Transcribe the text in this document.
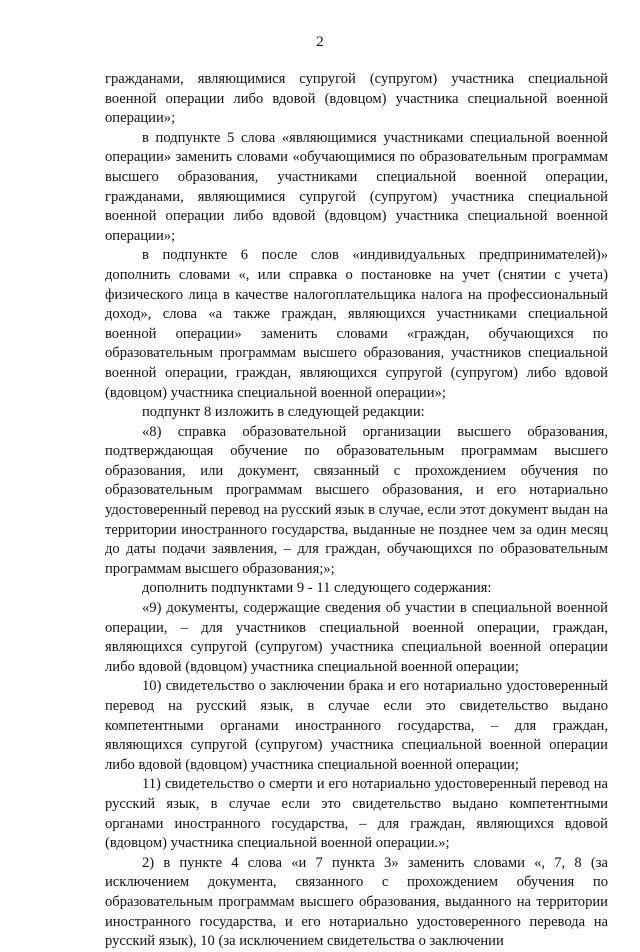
2

гражданами, являющимися супругой (супругом) участника специальной военной операции либо вдовой (вдовцом) участника специальной военной операции»;

в подпункте 5 слова «являющимися участниками специальной военной операции» заменить словами «обучающимися по образовательным программам высшего образования, участниками специальной военной операции, гражданами, являющимися супругой (супругом) участника специальной военной операции либо вдовой (вдовцом) участника специальной военной операции»;

в подпункте 6 после слов «индивидуальных предпринимателей)» дополнить словами «, или справка о постановке на учет (снятии с учета) физического лица в качестве налогоплательщика налога на профессиональный доход», слова «а также граждан, являющихся участниками специальной военной операции» заменить словами «граждан, обучающихся по образовательным программам высшего образования, участников специальной военной операции, граждан, являющихся супругой (супругом) либо вдовой (вдовцом) участника специальной военной операции»;

подпункт 8 изложить в следующей редакции:

«8) справка образовательной организации высшего образования, подтверждающая обучение по образовательным программам высшего образования, или документ, связанный с прохождением обучения по образовательным программам высшего образования, и его нотариально удостоверенный перевод на русский язык в случае, если этот документ выдан на территории иностранного государства, выданные не позднее чем за один месяц до даты подачи заявления, – для граждан, обучающихся по образовательным программам высшего образования;»;

дополнить подпунктами 9 - 11 следующего содержания:

«9) документы, содержащие сведения об участии в специальной военной операции, – для участников специальной военной операции, граждан, являющихся супругой (супругом) участника специальной военной операции либо вдовой (вдовцом) участника специальной военной операции;

10) свидетельство о заключении брака и его нотариально удостоверенный перевод на русский язык, в случае если это свидетельство выдано компетентными органами иностранного государства, – для граждан, являющихся супругой (супругом) участника специальной военной операции либо вдовой (вдовцом) участника специальной военной операции;

11) свидетельство о смерти и его нотариально удостоверенный перевод на русский язык, в случае если это свидетельство выдано компетентными органами иностранного государства, – для граждан, являющихся вдовой (вдовцом) участника специальной военной операции.»;

2) в пункте 4 слова «и 7 пункта 3» заменить словами «, 7, 8 (за исключением документа, связанного с прохождением обучения по образовательным программам высшего образования, выданного на территории иностранного государства, и его нотариально удостоверенного перевода на русский язык), 10 (за исключением свидетельства о заключении
